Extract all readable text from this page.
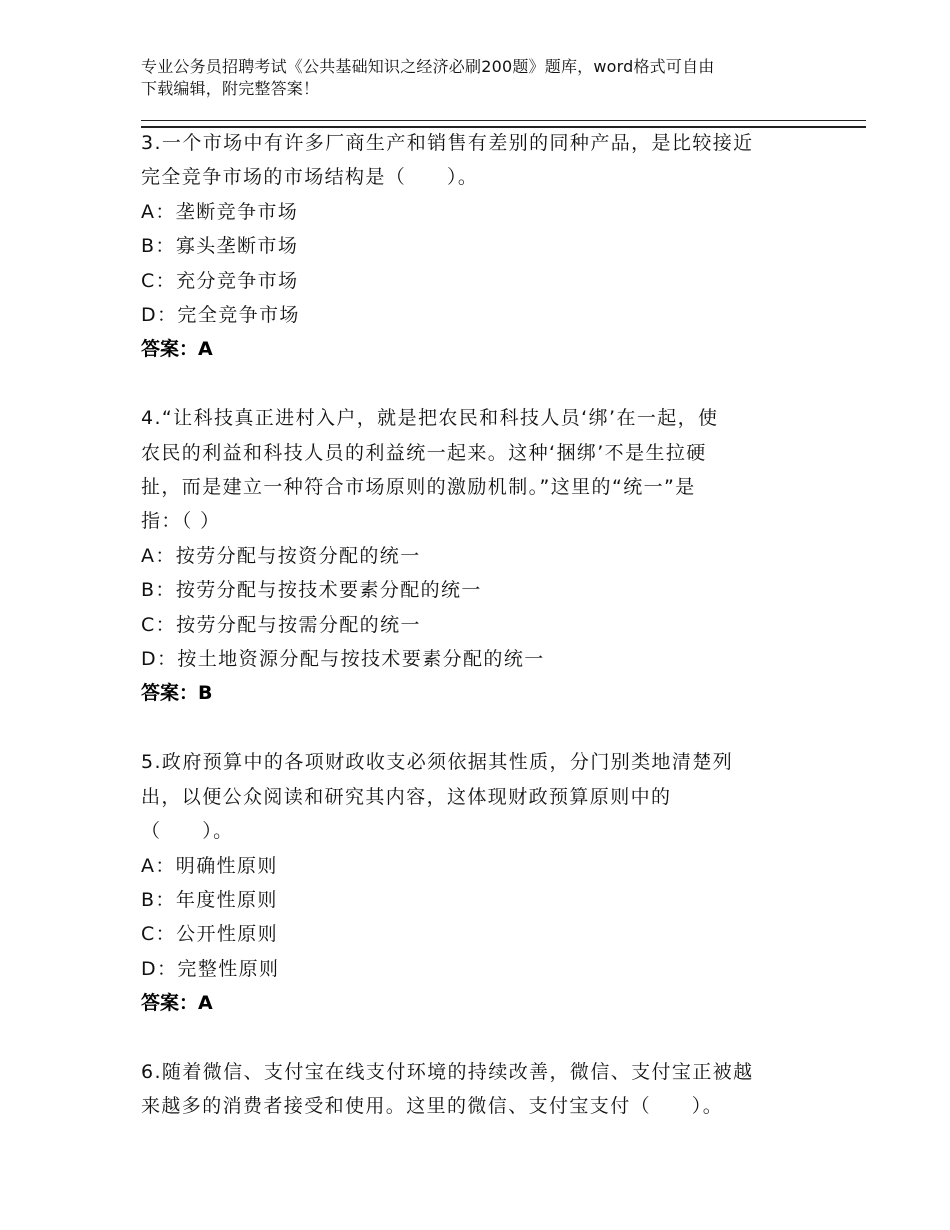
专业公务员招聘考试《公共基础知识之经济必刷200题》题库，word格式可自由
下载编辑，附完整答案！

3.一个市场中有许多厂商生产和销售有差别的同种产品，是比较接近

完全竞争市场的市场结构是（　　）。

A：垄断竞争市场

B：寡头垄断市场

C：充分竞争市场

D：完全竞争市场

答案：A

4.“让科技真正进村入户，就是把农民和科技人员‘绑’在一起，使

农民的利益和科技人员的利益统一起来。这种‘捆绑’不是生拉硬

扯，而是建立一种符合市场原则的激励机制。”这里的“统一”是

指：（ ）

A：按劳分配与按资分配的统一

B：按劳分配与按技术要素分配的统一

C：按劳分配与按需分配的统一

D：按土地资源分配与按技术要素分配的统一

答案：B

5.政府预算中的各项财政收支必须依据其性质，分门别类地清楚列

出，以便公众阅读和研究其内容，这体现财政预算原则中的

（　　）。

A：明确性原则

B：年度性原则

C：公开性原则

D：完整性原则

答案：A

6.随着微信、支付宝在线支付环境的持续改善，微信、支付宝正被越

来越多的消费者接受和使用。这里的微信、支付宝支付（　　）。
